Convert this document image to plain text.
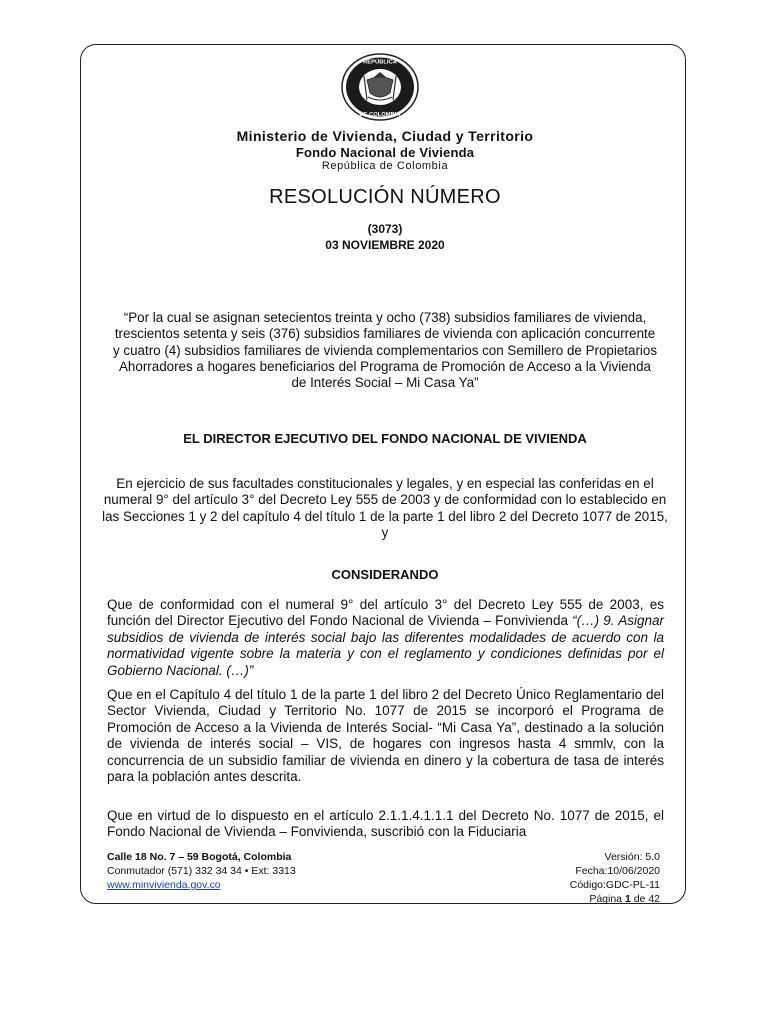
REPÚBLICA
DE COLOMBIA
Ministerio de Vivienda, Ciudad y Territorio
Fondo Nacional de Vivienda
República de Colombia
RESOLUCIÓN NÚMERO
(3073)
03 NOVIEMBRE 2020
“Por la cual se asignan setecientos treinta y ocho (738) subsidios familiares de vivienda, trescientos setenta y seis (376) subsidios familiares de vivienda con aplicación concurrente y cuatro (4) subsidios familiares de vivienda complementarios con Semillero de Propietarios Ahorradores a hogares beneficiarios del Programa de Promoción de Acceso a la Vivienda de Interés Social – Mi Casa Ya”
EL DIRECTOR EJECUTIVO DEL FONDO NACIONAL DE VIVIENDA
En ejercicio de sus facultades constitucionales y legales, y en especial las conferidas en el numeral 9° del artículo 3° del Decreto Ley 555 de 2003 y de conformidad con lo establecido en las Secciones 1 y 2 del capítulo 4 del título 1 de la parte 1 del libro 2 del Decreto 1077 de 2015, y
CONSIDERANDO
Que de conformidad con el numeral 9° del artículo 3° del Decreto Ley 555 de 2003, es función del Director Ejecutivo del Fondo Nacional de Vivienda – Fonvivienda “(…) 9. Asignar subsidios de vivienda de interés social bajo las diferentes modalidades de acuerdo con la normatividad vigente sobre la materia y con el reglamento y condiciones definidas por el Gobierno Nacional. (…)”
Que en el Capítulo 4 del título 1 de la parte 1 del libro 2 del Decreto Único Reglamentario del Sector Vivienda, Ciudad y Territorio No. 1077 de 2015 se incorporó el Programa de Promoción de Acceso a la Vivienda de Interés Social- “Mi Casa Ya”, destinado a la solución de vivienda de interés social – VIS, de hogares con ingresos hasta 4 smmlv, con la concurrencia de un subsidio familiar de vivienda en dinero y la cobertura de tasa de interés para la población antes descrita.
Que en virtud de lo dispuesto en el artículo 2.1.1.4.1.1.1 del Decreto No. 1077 de 2015, el Fondo Nacional de Vivienda – Fonvivienda, suscribió con la Fiduciaria
Calle 18 No. 7 – 59 Bogotá, Colombia
Conmutador (571) 332 34 34 • Ext: 3313
www.minvivienda.gov.co
Versión: 5.0
Fecha:10/06/2020
Código:GDC-PL-11
Página 1 de 42
